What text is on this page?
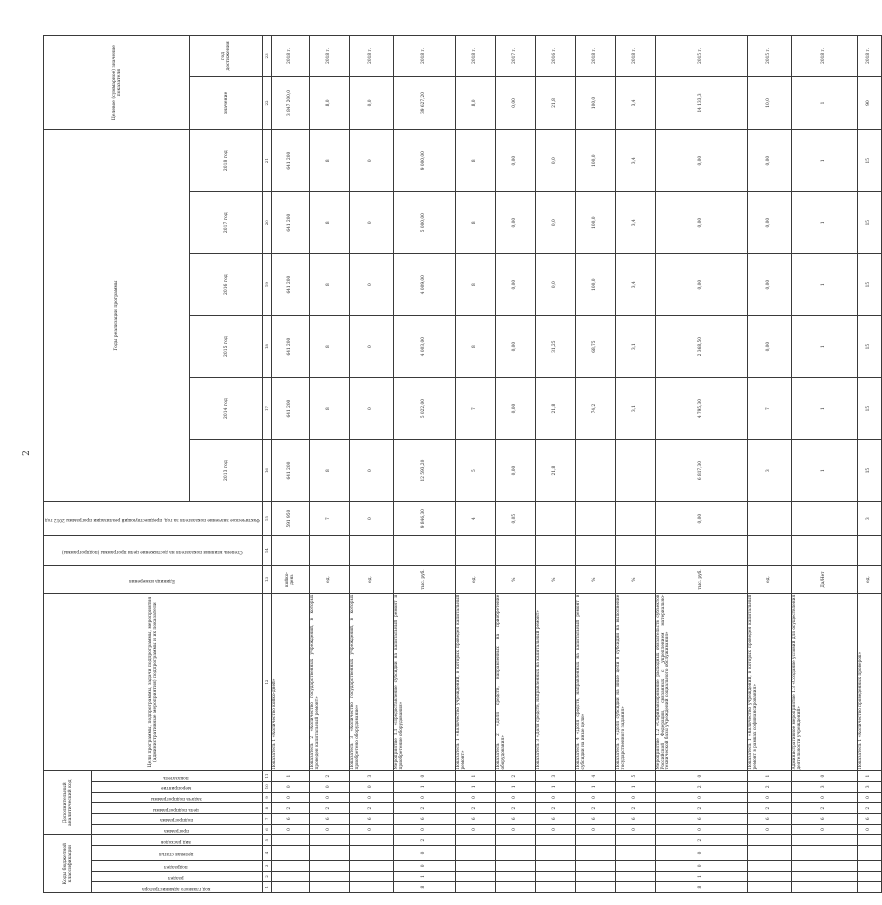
2
Коды бюджетной классификации					Дополнительный аналитический код						Цели программы, подпрограммы, задачи подпрограммы, мероприятия (административные мероприятия) подпрограммы и их показатели	Единица измерения	Степень влияния показателя на достижение цели программы (подпрограммы)	Фактическое значение показателя за год, предшествующий реализации программы 2012 год	Годы реализации программы						Целевое (суммарное) значение показателя	
код главного администратора	раздел	подраздел	целевая статья	вид расходов	программа	подпрограмма	цель подпрограммы	задача подпрограммы	мероприятие	показатель												
															2013 год	2014 год	2015 год	2016 год	2017 год	2018 год	значение	год достижения
1	2	3	4	5	6	7	8	9	10	11	12	13	14	15	16	17	18	19	20	21	22	23
					0	6	2	0	0	1	Показатель 1 «Количество койко-дней»	койко-день		591 950	641 200	641 200	641 200	641 200	641 200	641 200	3 847 200,0	2018 г.
					0	6	2	0	0	2	Показатель 2 «Количество государственных учреждений, в которых проведен капитальный ремонт»	ед.		7	8	8	8	8	8	8	8,0	2018 г.
					0	6	2	0	0	3	Показатель 3 «Количество государственных учреждений, в которых приобретено оборудование»	ед.		0	0	0	0	0	0	0	0,0	2018 г.
8	1	0	0	2	0	6	2	0	1	0	Мероприятие 1.1 «Предоставление субсидии на капитальный ремонт и приобретение оборудования»	тыс. руб.		9 846,30	12 593,20	5 022,00	4 003,00	4 009,00	5 000,00	9 000,00	39 627,20	2018 г.
					0	6	2	0	1	1	Показатель 1 «Количество учреждений, в которых проведен капитальный ремонт»	ед.		4	5	7	8	8	8	8	8,0	2018 г.
					0	6	2	0	1	2	Показатель 2 «Доля средств, направленных на приобретение оборудования»	%		0,05	0,00	0,00	0,00	0,00	0,00	0,00	0,00	2017 г.
					0	6	2	0	1	3	Показатель 3 «Доля средств, направленных на капитальный ремонт»	%			21,8	21,8	31,25	0,0	0,0	0,0	21,8	2016 г.
					0	6	2	0	1	4	Показатель 4 «Доля средств, направленных на капитальный ремонт в субсидии на иные цели»	%				74,2	68,75	100,0	100,0	100,0	100,0	2018 г.
					0	6	2	0	1	5	Показатель 5 «Доля субсидии на иные цели в субсидии на выполнение государственного задания»	%				3,1	3,1	3,4	3,4	3,4	3,4	2018 г.
8	1	0	0	2	0	6	2	0	2	0	Мероприятие 1.2 «Софинансирование расходных обязательств субъектов Российской Федерации, связанных с укреплением материально-технической базы учреждений социального обслуживания»	тыс. руб.		0,00	6 817,30	4 795,30	2 368,50	0,00	0,00	0,00	14 133,3	2015 г.
					0	6	2	0	2	1	Показатель 1 «Количество учреждений, в которых проведен капитальный ремонт в рамках софинансирования»	ед.			3	7	0,00	0,00	0,00	0,00	10,0	2015 г.
					0	6	2	0	3	0	Административное мероприятие 1.3 «Создание условий для осуществления деятельности учреждений»	Да/Нет			1	1	1	1	1	1	1	2018 г.
					0	6	2	0	3	1	Показатель 1 «Количество проведенных проверок»	ед.		3	15	15	15	15	15	15	90	2018 г.
